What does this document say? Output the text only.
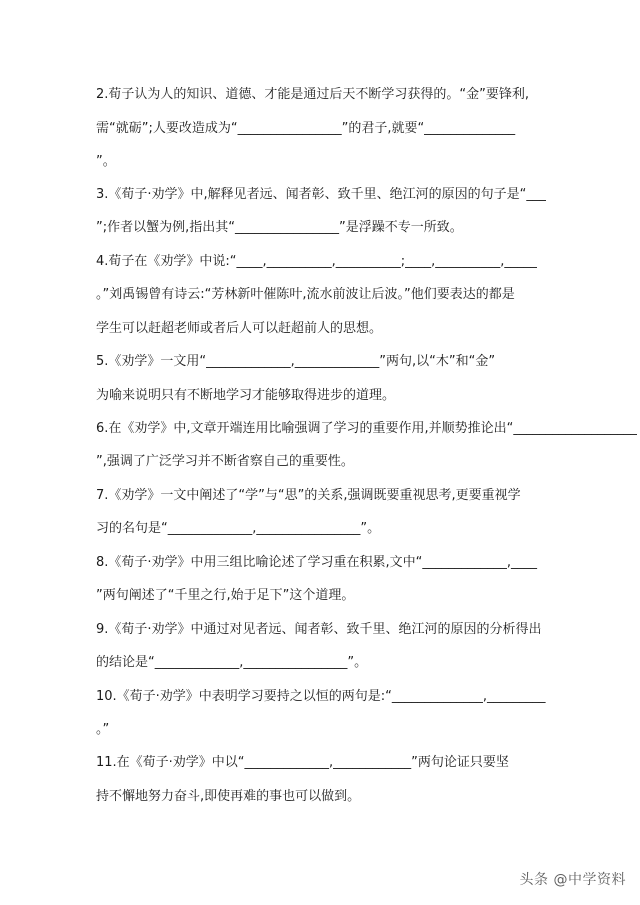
2.荀子认为人的知识、道德、才能是通过后天不断学习获得的。“金”要锋利,
需“就砺”;人要改造成为“________________”的君子,就要“______________
”。
3.《荀子·劝学》中,解释见者远、闻者彰、致千里、绝江河的原因的句子是“___
”;作者以蟹为例,指出其“________________”是浮躁不专一所致。
4.荀子在《劝学》中说:“____,__________,__________;____,__________,_____
。”刘禹锡曾有诗云:“芳林新叶催陈叶,流水前波让后波。”他们要表达的都是
学生可以赶超老师或者后人可以赶超前人的思想。
5.《劝学》一文用“_____________,_____________”两句,以“木”和“金”
为喻来说明只有不断地学习才能够取得进步的道理。
6.在《劝学》中,文章开端连用比喻强调了学习的重要作用,并顺势推论出“___________________
”,强调了广泛学习并不断省察自己的重要性。
7.《劝学》一文中阐述了“学”与“思”的关系,强调既要重视思考,更要重视学
习的名句是“_____________,________________”。
8.《荀子·劝学》中用三组比喻论述了学习重在积累,文中“_____________,____
”两句阐述了“千里之行,始于足下”这个道理。
9.《荀子·劝学》中通过对见者远、闻者彰、致千里、绝江河的原因的分析得出
的结论是“_____________,________________”。
10.《荀子·劝学》中表明学习要持之以恒的两句是:“______________,_________
。”
11.在《荀子·劝学》中以“_____________,____________”两句论证只要坚
持不懈地努力奋斗,即使再难的事也可以做到。
头条 @中学资料
